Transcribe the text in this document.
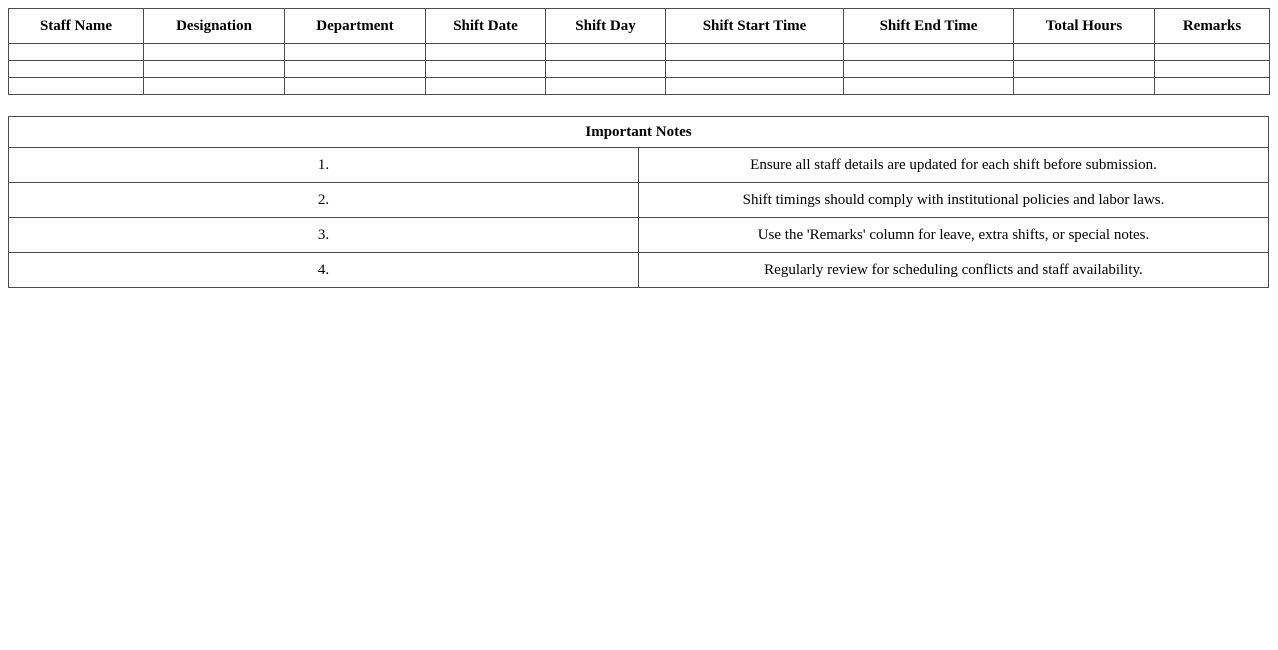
Staff Name	Designation	Department	Shift Date	Shift Day	Shift Start Time	Shift End Time	Total Hours	Remarks

Important Notes	
1.	Ensure all staff details are updated for each shift before submission.
2.	Shift timings should comply with institutional policies and labor laws.
3.	Use the 'Remarks' column for leave, extra shifts, or special notes.
4.	Regularly review for scheduling conflicts and staff availability.
